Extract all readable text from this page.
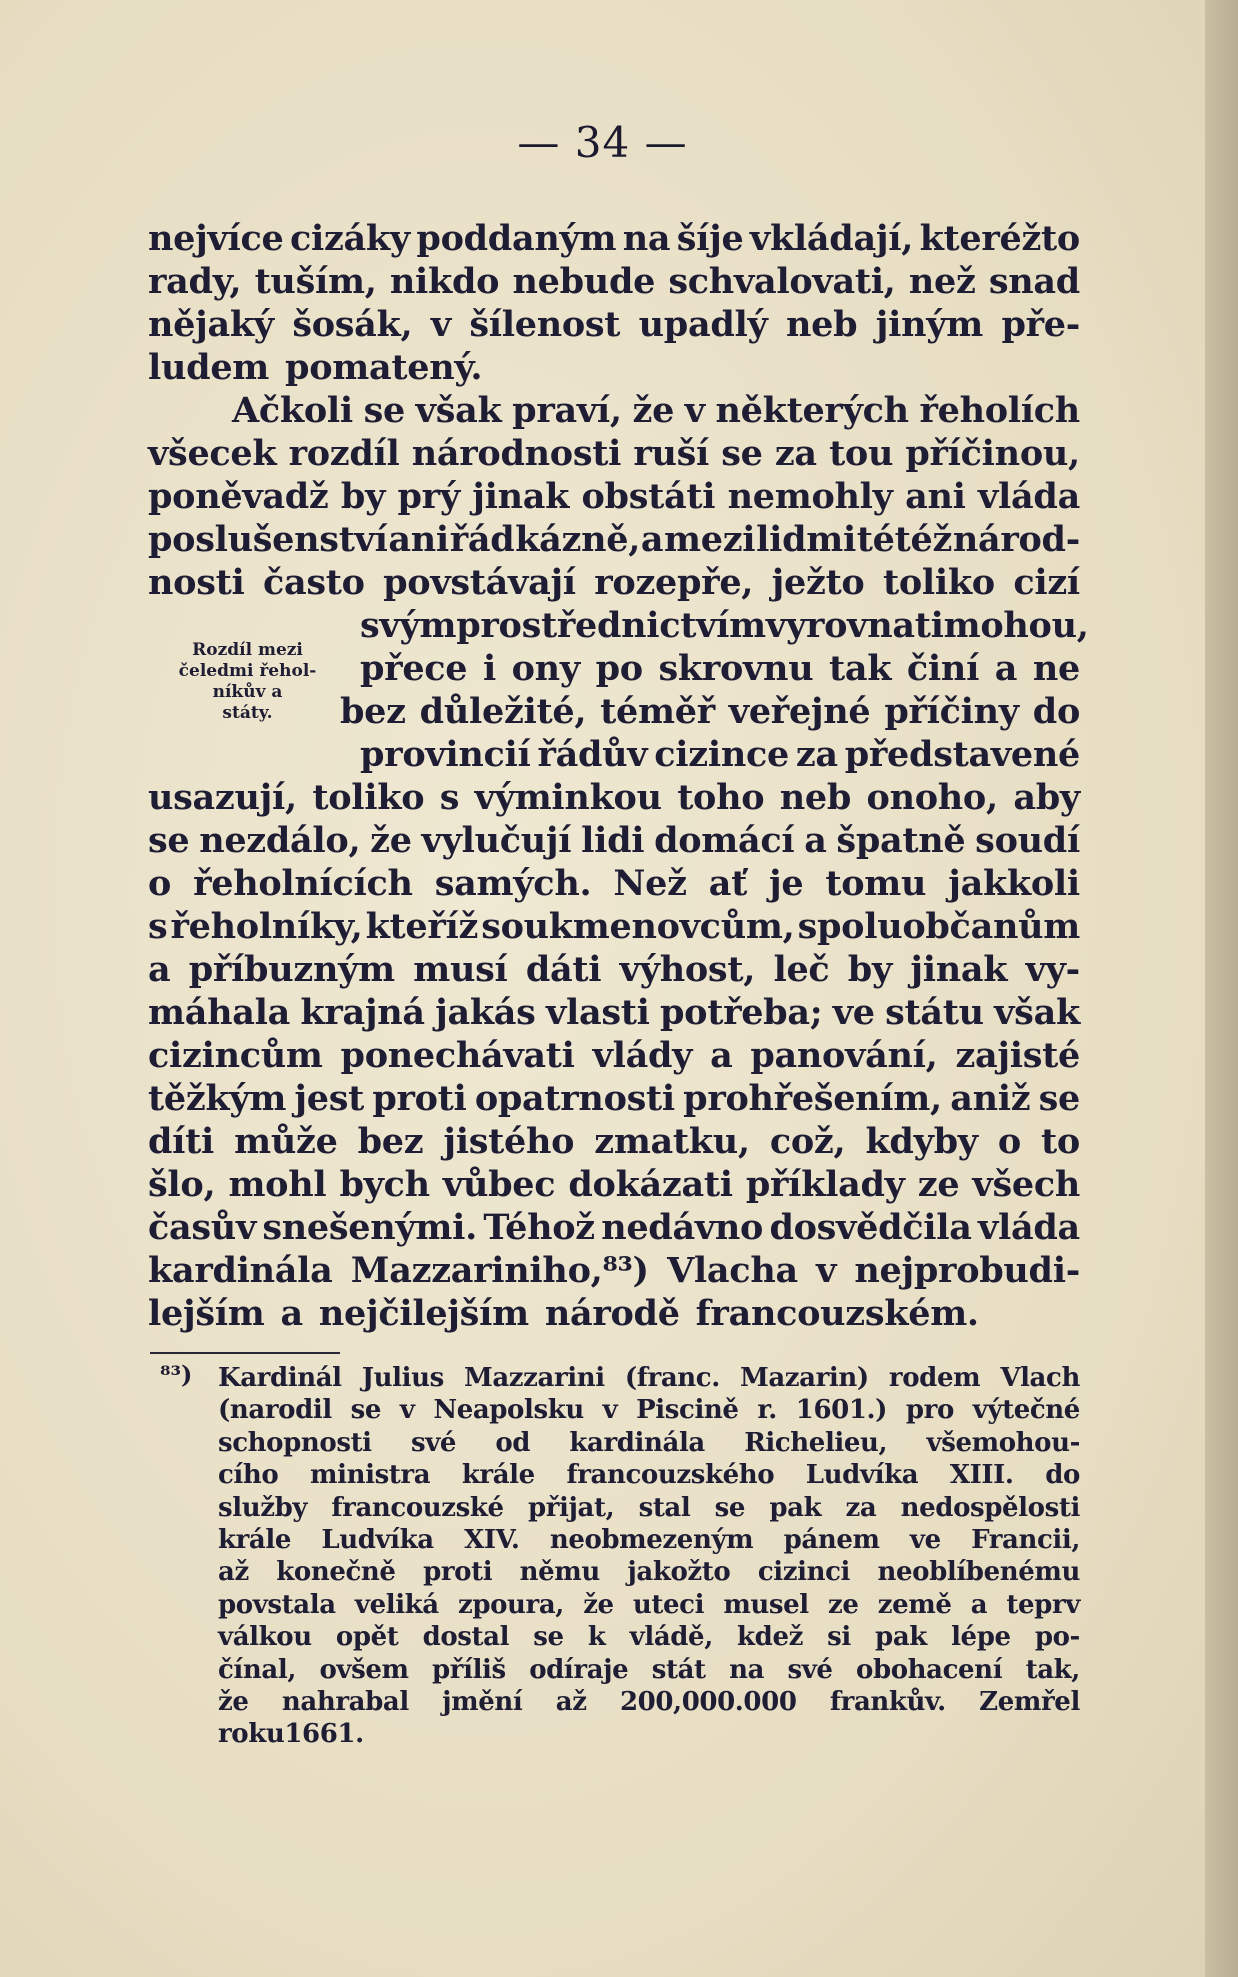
— 34 —
nejvíce cizáky poddaným na šíje vkládají, kteréžto
rady, tuším, nikdo nebude schvalovati, než snad
nějaký šosák, v šílenost upadlý neb jiným pře-
ludem pomatený.
Ačkoli se však praví, že v některých řeholích
všecek rozdíl národnosti ruší se za tou příčinou,
poněvadž by prý jinak obstáti nemohly ani vláda
poslušenství ani řád kázně, a mezi lidmi tétéž národ-
nosti často povstávají rozepře, ježto toliko cizí
svým prostřednictvím vyrovnati mohou,
přece i ony po skrovnu tak činí a ne
bez důležité, téměř veřejné příčiny do
provincií řádův cizince za představené
usazují, toliko s výminkou toho neb onoho, aby
se nezdálo, že vylučují lidi domácí a špatně soudí
o řeholnících samých. Než ať je tomu jakkoli
s řeholníky, kteříž soukmenovcům, spoluobčanům
a příbuzným musí dáti výhost, leč by jinak vy-
máhala krajná jakás vlasti potřeba; ve státu však
cizincům ponechávati vlády a panování, zajisté
těžkým jest proti opatrnosti prohřešením, aniž se
díti může bez jistého zmatku, což, kdyby o to
šlo, mohl bych vůbec dokázati příklady ze všech
časův snešenými. Téhož nedávno dosvědčila vláda
kardinála Mazzariniho,⁸³) Vlacha v nejprobudi-
lejším a nejčilejším národě francouzském.
Rozdíl mezi
čeledmi řehol-
níkův a
státy.
⁸³) Kardinál Julius Mazzarini (franc. Mazarin) rodem Vlach
(narodil se v Neapolsku v Piscině r. 1601.) pro výtečné
schopnosti své od kardinála Richelieu, všemohou-
cího ministra krále francouzského Ludvíka XIII. do
služby francouzské přijat, stal se pak za nedospělosti
krále Ludvíka XIV. neobmezeným pánem ve Francii,
až konečně proti němu jakožto cizinci neoblíbenému
povstala veliká zpoura, že uteci musel ze země a teprv
válkou opět dostal se k vládě, kdež si pak lépe po-
čínal, ovšem příliš odíraje stát na své obohacení tak,
že nahrabal jmění až 200,000.000 frankův. Zemřel
roku 1661.
